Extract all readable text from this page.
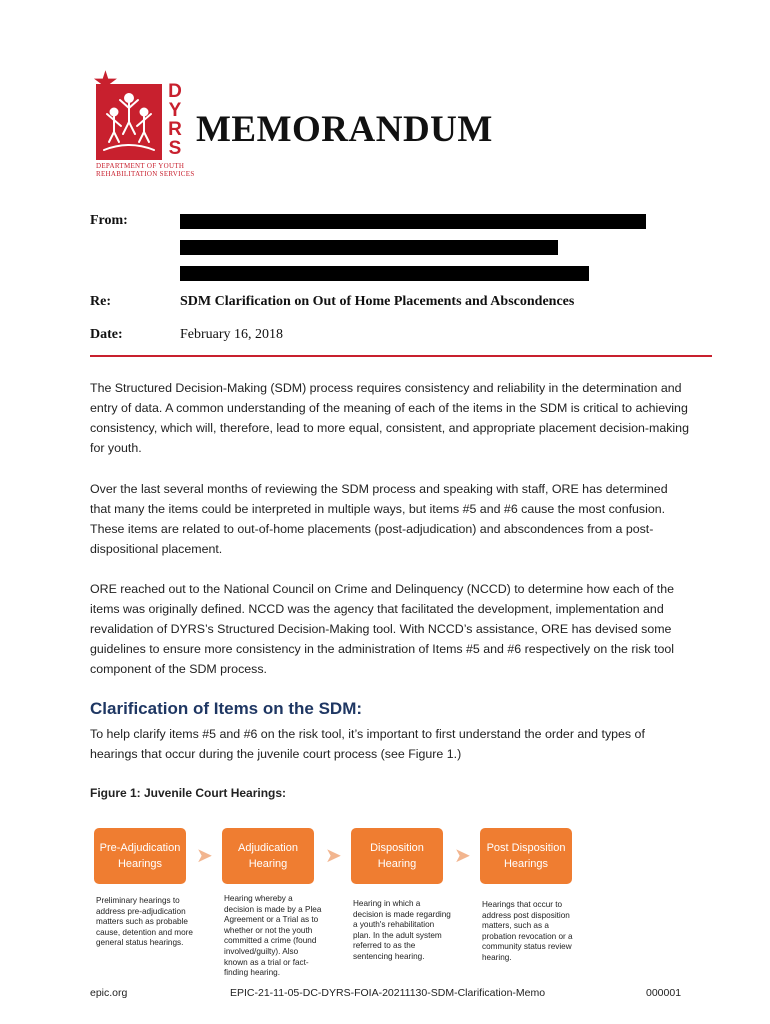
★	D
Y
R
S
DEPARTMENT OF YOUTH
REHABILITATION SERVICES
MEMORANDUM
From:
Re:	SDM Clarification on Out of Home Placements and Abscondences
Date:	February 16, 2018

The Structured Decision-Making (SDM) process requires consistency and reliability in the determination and entry of data. A common understanding of the meaning of each of the items in the SDM is critical to achieving consistency, which will, therefore, lead to more equal, consistent, and appropriate placement decision-making for youth.

Over the last several months of reviewing the SDM process and speaking with staff, ORE has determined that many the items could be interpreted in multiple ways, but items #5 and #6 cause the most confusion. These items are related to out-of-home placements (post-adjudication) and abscondences from a post-dispositional placement.

ORE reached out to the National Council on Crime and Delinquency (NCCD) to determine how each of the items was originally defined. NCCD was the agency that facilitated the development, implementation and revalidation of DYRS’s Structured Decision-Making tool. With NCCD’s assistance, ORE has devised some guidelines to ensure more consistency in the administration of Items #5 and #6 respectively on the risk tool component of the SDM process.

Clarification of Items on the SDM:

To help clarify items #5 and #6 on the risk tool, it’s important to first understand the order and types of hearings that occur during the juvenile court process (see Figure 1.)

Figure 1: Juvenile Court Hearings:
Pre-Adjudication Hearings	➤	Adjudication Hearing	➤	Disposition Hearing	➤	Post Disposition Hearings
Preliminary hearings to address pre-adjudication matters such as probable cause, detention and more general status hearings.
Hearing whereby a decision is made by a Plea Agreement or a Trial as to whether or not the youth committed a crime (found involved/guilty). Also known as a trial or fact-finding hearing.
Hearing in which a decision is made regarding a youth's rehabilitation plan. In the adult system referred to as the sentencing hearing.
Hearings that occur to address post disposition matters, such as a probation revocation or a community status review hearing.
epic.org	EPIC-21-11-05-DC-DYRS-FOIA-20211130-SDM-Clarification-Memo	000001
